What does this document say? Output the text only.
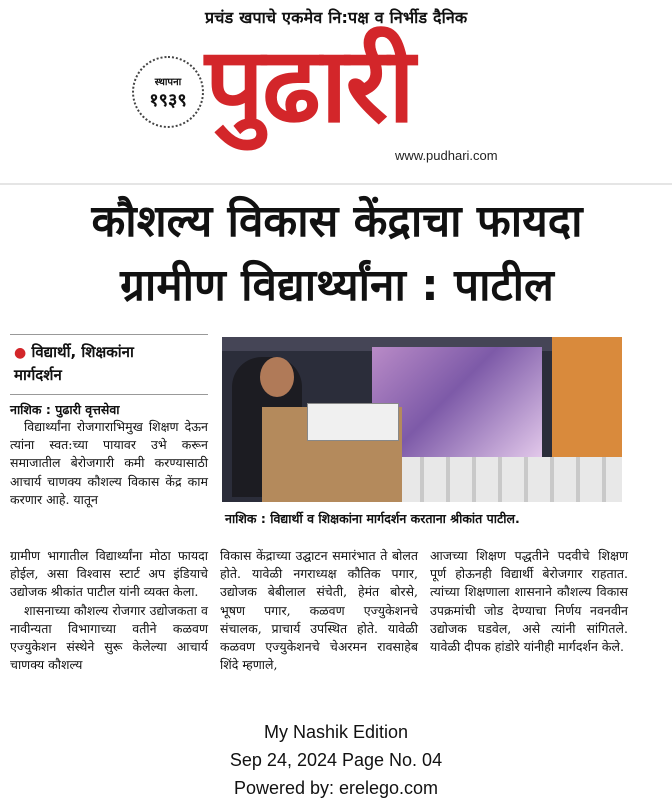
प्रचंड खपाचे एकमेव नि:पक्ष व निर्भीड दैनिक
स्थापना
१९३९ पुढारी
www.pudhari.com
कौशल्य विकास केंद्राचा फायदा
ग्रामीण विद्यार्थ्यांना : पाटील
● विद्यार्थी, शिक्षकांना
मार्गदर्शन
नाशिक : पुढारी वृत्तसेवा

विद्यार्थ्यांना रोजगाराभिमुख शिक्षण देऊन त्यांना स्वत:च्या पायावर उभे करून समाजातील बेरोजगारी कमी करण्यासाठी आचार्य चाणक्य कौशल्य विकास केंद्र काम करणार आहे. यातून

नाशिक : विद्यार्थी व शिक्षकांना मार्गदर्शन करताना श्रीकांत पाटील.

ग्रामीण भागातील विद्यार्थ्यांना मोठा फायदा होईल, असा विश्वास स्टार्ट अप इंडियाचे उद्योजक श्रीकांत पाटील यांनी व्यक्त केला.

शासनाच्या कौशल्य रोजगार उद्योजकता व नावीन्यता विभागाच्या वतीने कळवण एज्युकेशन संस्थेने सुरू केलेल्या आचार्य चाणक्य कौशल्य

विकास केंद्राच्या उद्घाटन समारंभात ते बोलत होते. यावेळी नगराध्यक्ष कौतिक पगार, उद्योजक बेबीलाल संचेती, हेमंत बोरसे, भूषण पगार, कळवण एज्युकेशनचे संचालक, प्राचार्य उपस्थित होते. यावेळी कळवण एज्युकेशनचे चेअरमन रावसाहेब शिंदे म्हणाले,

आजच्या शिक्षण पद्धतीने पदवीचे शिक्षण पूर्ण होऊनही विद्यार्थी बेरोजगार राहतात. त्यांच्या शिक्षणाला शासनाने कौशल्य विकास उपक्रमांची जोड देण्याचा निर्णय नवनवीन उद्योजक घडवेल, असे त्यांनी सांगितले. यावेळी दीपक हांडोरे यांनीही मार्गदर्शन केले.

My Nashik Edition
Sep 24, 2024 Page No. 04
Powered by: erelego.com
